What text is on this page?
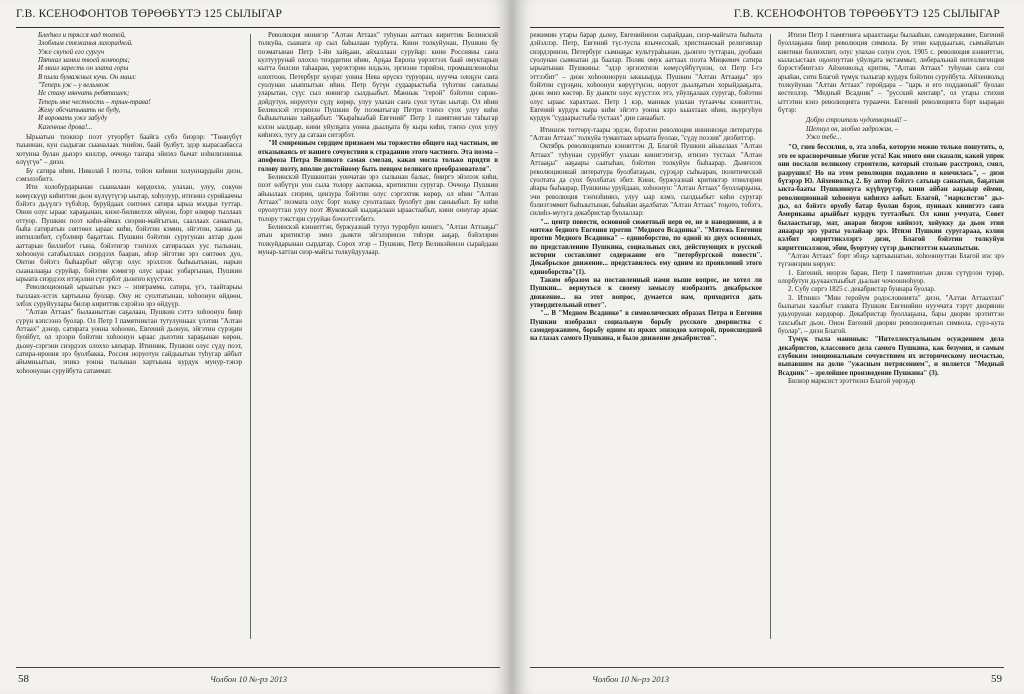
Г.В. КСЕНОФОНТОВ ТӨРӨӨБҮТЭ 125 СЫЛЫГАР
Бледнел и трясся над толпой,
Злобным стяжанья лихорадкой.
Уже скупой его сургуч
Пятнал замки твоей конторы;
И миил заресть он злата горы
В пыли бумажных кучь. Он миил:
"Теперь уж – у вельмож
Не стану нянчить ребятишек;
Теперь мне честность – трын-трава!
Жену обсчитывать не буду,
И воровать уже забуду
Казенные дрова!...

Ырыатын тиэкиэр поэт утуорбут баайга субэ биэрэр: "Төннүбүт тыыннан, кун сыдыган сыаналаах тиийэн, баай булбут, эдэр кырасаабасса хотунна булан дьиэрэ киллэр, оччоҕо таҥара эйиэхэ бычат нэһилиэннньк өлүүгүө" – диэн.

Бу сатира иһин, Николай I поэты, тойон киһини холуннардыйн диэн, сэмэлээбитэ.

Ити холобурдарынан сыаналаан көрдөххө, улахан, улуу, сокуон көмүскүүр киһиттин дьон күлүүтүгэр ыытар, хоһулуур, итиэннэ сурийааччы бэйэтэ дьүүлгэ түбэһэр, буруйдаах сөптөөх сатира ырыа мэлдьи туттар. Онон олус ыраас хараҕынан, киэҥ-билиилээх өйүнэн, бэрт өлөрөр тыллаах оттуор. Пушкин поэт киһи-аймах сиэрин-майгытын, сааллаах санаатын, быһа сатиратын сөптөөх ыраас киһи, бэйэтин кэмин, эйгэтин, ханна да иитиллибит, сүбэлиир баҕаттан. Пушкин бэйэтин суругунан ахтар дьон ааттарын биллибэт гына, бэйэтигэр тэҥнээх сатиралаах уус тылынан, хоһоонун сатабыллаах сиэрдээх бааран, иһэр эйгэтин эрэ сөптөөх дуо, Онтон бэйэтэ быһаарбыт өйүгэр олус эрэллээх быһыытынан, нарын сыаналааҕы суруйар, бэйэтин кэмигэр олус ыраас уобаргынан, Пушкин ырыата сиэрдээх итэҕэлин сүтэрбэт дьоҥҥо күүстээх.

Революционнай ырыатын уксэ – эпиграмма, сатира, үгэ, таайтарыы тыллаах-эстэх хартыына буолар. Ону ис суолтатынан, хоһоонун өйдөөн, элбэх суруйуулары билэр кириттик сэрэйэн эрэ өйдүүр.

"Алтан Аттаах" былааныттан саҕалаан, Пушкин сэттэ хоһоонун биир сүрүн кэпсээнэ буолар. Ол Петр I памятниктан тутулуннаах үлэтин "Алтан Аттаах" дэнэр, сатирата уонна хоһооно, Евгений дьонун, эйгэтин сүрэҕин буойбут, ол эрээри бэйэтин хоһоонун ыраас дьиэтин хараҕынан көрөн, дьону-сэргэни сиэрдээх олоххо ыҥырар. Итинник, Пушкин олус сүдү поэт, сатира-ирония эрэ буолбакка, Россия норуотун сайдыытын туһугар айбыт айымньытын, эпикэ уонна тылынан хартыына курдук мунур-тэнэр хоһоонунан суруйбута сатаммат.

Революция иннигэр "Алтан Аттаах" туһунан ааттаах кириттик Белинскэй толкуйа, сыаната ор сыл баһылаан турбута. Кини толкуйунан, Пушкин бу поэматынан Петр 1-йи хайҕаан, айхаллаан суруйар: кини Россияны саҥа култуурунай олоххо тиэрдитин иһин, Арҕаа Европа үөрэхтээх баай омуктарын кытта билсии таһааран, үөрэхтэрин илдьэн, эргиэни тэрийэн, промышленноһы олохтоон, Петербург куорат уонна Нева өрүскэ туруоран, нуучча олоҕун саҥа суолунан ыыппытын иһин. Петр бүтүн судаарыстыба түһэтин саҥалыы уларытан, сүүс сыл иннигэр сылдьыбыт. Маннык "герой" бэйэтин сирин-дойдутун, норуотун сүдү көрөр, улуу улахан саҥа суол тутан ыытар. Ол иһин Белинскэй этэринэн Пушкин бу поэматыгар Петри тэҥнэ суох улуу киһи быһыытынан хайҕаабыт. "Кыраһыабай Евгений" Петр 1 памятнигын таһыгар кэлэн ыалдьар, кини уйулҕата уонна дьылҕата бу кыра киһи, тэҥнэ суох улуу киһиэхэ, тугу да сатаан ситэрбэт.

"И смиренным сердцем признаем мы торжество общего над частным, не отказываясь от нашего сочувствия к страданию этого частного. Эта поэма – апофеоза Петра Великого самая смелая, какая могла только придти в голову поэту, вполне достойному быть певцом великого преобразователя".

Белинскэй Пушкинтан уончатан эрэ сылынан балыс, бииргэ эйэлээх киһи, поэт өлбүтүн уон сыла толору ааспакка, критиктин суругар. Оччоҕо Пушкин айыылаах сиэрин, цензура бэйэтин олус сэргэхтик көрөр, ол иһин "Алтан Аттаах" поэмата олус бэрт холку суолталаах буолбут дии саныыбыт. Бу киһи оруолуттан улуу поэт Жуковскай кыдаҕалаан ыраастаабыт, кини оннугар араас толору тэкстэри суруйан бэчээттээбитэ.

Белинскэй кэнниттэн, буржуазнай тутул турорбуп кинигэ, "Алтан Аттааҕы" атын критиктэр эмиэ дьикти эйгэлэринэн тиһэри ааҕар, бэйэлэрин толкуйдарынан сырдатар. Сорох этэр – Пушкин, Петр Великэйинэн сырайдаан мунар-хаттан сиэр-майгы толкуйдуулаар.

58	Чолбон 10 №-рэ 2013
Г.В. КСЕНОФОНТОВ ТӨРӨӨБҮТЭ 125 СЫЛЫГАР

режимин утары барар дьону, Евгенийинэн сырайдаан, сиэр-майгыта быһыта дэйэллэр. Петр, Евгений түс-туспа язычесскай, христианскай религиялар сиэрдэринэн, Петербург сымнаҕас культураһынан, дьоҥҥо туттаран, дуобаан суолунан сымнатан да баалар. Поляк омук ааттаах поэта Мицкевич сатира ырыатынан Пушкины: "эдэр эргиэхтиэн көмүсүйбүтүнэн, ол Петр I-гэ эттээбит" – диэн хоһооннорун ыккыырда. Пушкин "Алтан Аттааҕы" эрэ бэйэтин сүрэҕин, хоһоонун көрүүтүнэн, норуот дьылҕатын хорыйдааҕыта, диэн эмиэ көстөр. Бу дьикти олус күүстээх этэ, уйулҕалаах суругар, бэйэтин олус ыраас харахтаах. Петр 1 кэр, маннык улахан тутааччы кэнниттэн, Евгений курдук кыра киһи эйгэтэ уонна кэрэ кыахтаах иһин, ньургуһун курдук "судаарыстыба тустаах" дии санаабыт.

Итиннэк төттөрү-таары эрдэн, бэрэлэн революция инниннэҕи литература "Алтан Аттаах" толкуйа тумантаах ырыата буолан, "сүдү поэзия" диэбиттэр.

Октябрь революциятын кэнниттэн Д. Благой Пушкин айыылаах "Алтан Аттаах" туһунан суруйбут улахан кинигэтигэр, итиэнэ тустаах "Алтан Аттааҕы" ааҕаары саатыһан, бэйэтин толкуйун быһаарар. Дьиҥнээх революционнай литература буолбатаҕын, сүрэҕэр сыһыаран, политическэй суолтата да суох буолбатах эбит. Кини, буржуазнай критиктэр этиилэрин аһары быһаарар, Пушкины уруйдаан, хоһоонун: "Алтан Аттаах" буолларҕына, эчи революция тэҥнэһиинэ, улуу ыар кэмэ, сылдьыбыт киһи суругар бэлиэтэммит быһыытынан, баһыйан аҕалбатах "Алтан Аттаах" тоҕото, тобэтэ, силиһэ-мутуга декабристар буолаллар:

"... центр повести, основной сюжетный нерв ее, не в наводнении, а в мятеже бедного Евгения против "Медного Всадника". "Мятежь Евгения против Медного Всадника" – единоборство, по одной из двух основных, по представлению Пушкина, социальных сил, действующих в русской истории составляют содержание его "петербургской повести". Декабрьское движение... представилось ему одним из проявлений этого единоборства"(1).

Таким образом на поставленный нами выше вопрос, не хотел ли Пушкин... вернуться к своему замыслу изобразить декабрьское движение... на этот вопрос, думается нам, приходится дать утвердительный ответ".

"... В "Медном Всаднике" в символических образах Петра и Евгения Пушкин изобразил социальную борьбу русского дворянства с самодержавием, борьбу одним из ярких эпизодов которой, происшедшей на глазах самого Пушкина, и было движение декабристов".

Итиэн Петр I памятнига ыраахтааҕы былааһын, самодержавие, Евгений буоллаҕына биир революция символа. Бу этии кырдьыгын, сымыйатын кинтики билиэхпит, олус улахан солун суох. 1905 с. революция кэнниттэн, кыласыстаах оҕоҥнуттан уйулҕата мстаммыт, либеральнай интеллигенция бэрэстэбиитэлэ Айхенвольд критик, "Алтан Аттаах" туһунан саҥа сол арыйан, сити Благой түмүк тылыгар курдук бэйэтин суруйбута. Айхенвольд толкуйунан "Алтан Аттаах" геройдара – "царь и его подданный" буолан кестеллэр. "Медный Всадник" – "русский кентавр", ол утары стихия ыттэтин кэнэ революцията турааччи. Евгений революцията бэрт кыраҕан бүтэр:

Добро строитель чудотворный! –
Шепнул он, злобно задрожав, –
Ужо тебе...

"О, гнев бессилия, о, эта злоба, которую можно только пошутить, о, это ее красноречивые убогие уста! Как много они сказали, какой упрек они послали великому строителю, который стольно расстроил, смял, разрушил! Но на этом революция подавлено и кончилась", – диэн бүтэрэр Ю. Айхенвольд 2. Бу автор бэйэтэ сатыыр санаатын, баҕатын ыкта-бааты Пушкиннуга күүһүрүтэр, кини айбан ааҕыыр еймөн, революционнай хоһоонун киһиэхэ аабыт. Благой, "марксистэн" дьэ-дьэ, ол бэйэтэ оруобу батар буолан бэрэн, пуннаах кинигэтэ саҥа Американы арыйбыт курдук тутталбыт. Ол кини уччуата, Совет былаастыгар, мат, анаран биэрэн кийнээт, хойукку да дьон этии анаарар эрэ ураты уолайаар эрэ. Итиэн Пушкин суругарааа, кэлин кэлбит кириттикэлэргэ диэн, Благой бэйэтин толкуйун кириттикэлэнэн, эбии, буортуну сүтэр дьиктиэттэн кыахпытын.

"Алтан Аттаах" бэрт эбэҕэ хартыынатын, хоһооннуттан Благой иэс эрэ түгэннэрин көрүөх:

1. Евгений, ииэрэн баран, Петр I памятнигын дизэн сүтүрээн турар, олорбутун дьукаахтыыбыт дьалыҥ чочоонноһуор.

2. Субу сиргэ 1825 с. декабристар буннара буолар.

3. Итиннэ "Мин геройум родословнията" диэн, "Алтан Аттаахтан" былыгын хаалбыт главата Пушкин Евгенийин нууччата тэрүт дворянин удьуорунан көрдөрөр. Декабристар буоллаҕына, бары дворян эрэтиттэн тахсыбыт дьон. Онон Евгений дворян революциятын символа, сүрэ-кута буолар", – диэн Благой.

Түмүк тыла манннык: "Интеллектуальным осуждением дела декабристов, классового дела самого Пушкина, как безумия, и самым глубоким эмоциональным сочувствием их историческому несчастью, выпавшим на долю "ужасным потрясением", и является "Медный Всадник" – зрелейшее произведение Пушкина" (3).

Билиэр марксист эрэттиэнэ Благой уөрэҕэр

Чолбон 10 №-рэ 2013	59
